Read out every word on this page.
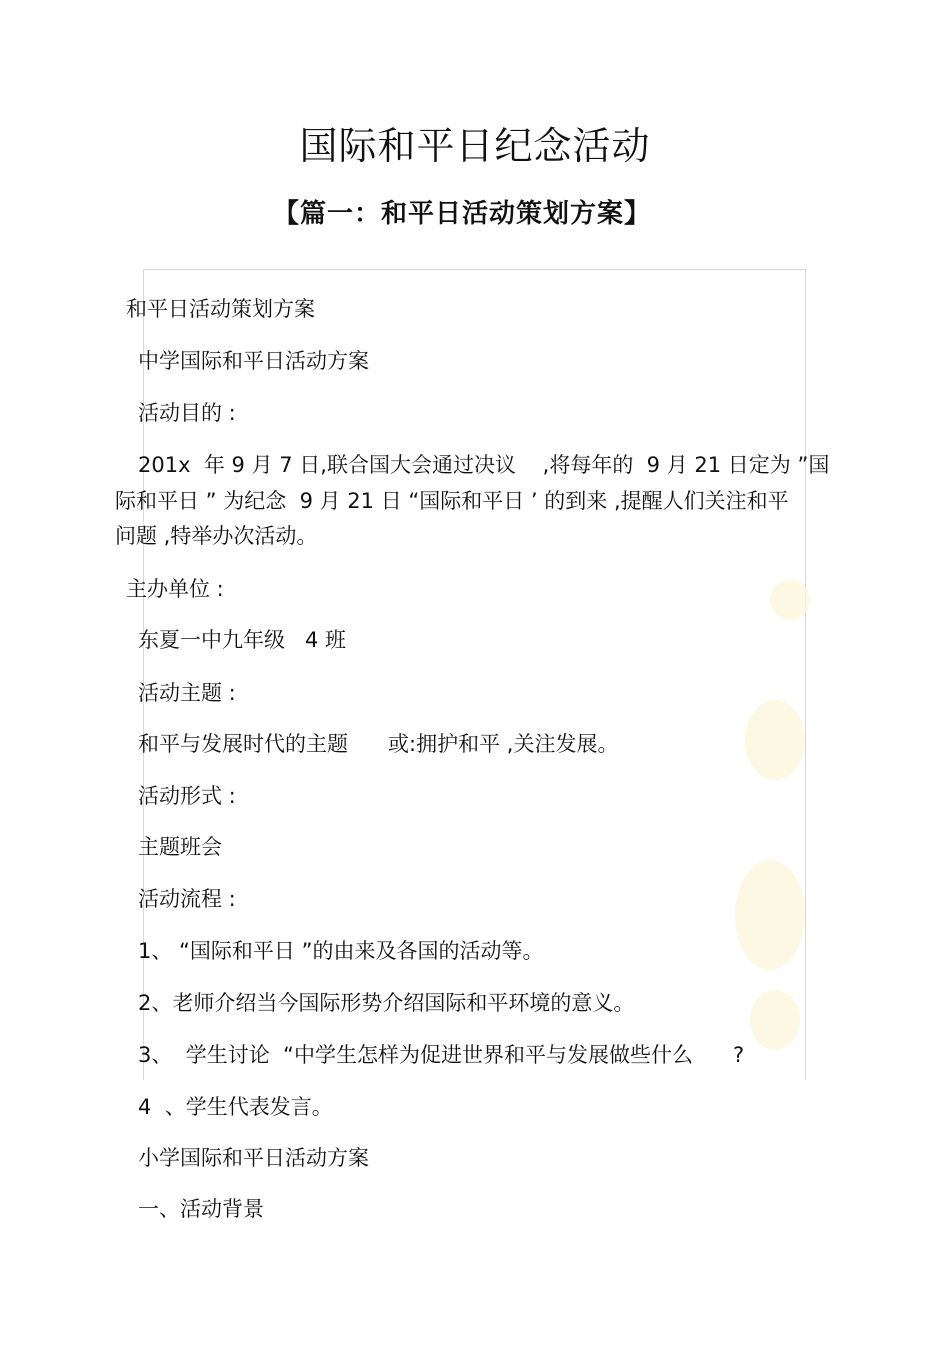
国际和平日纪念活动
【篇一：和平日活动策划方案】

和平日活动策划方案

中学国际和平日活动方案

活动目的 :

201x  年 9 月 7 日,联合国大会通过决议    ,将每年的  9 月 21 日定为 ”国

际和平日 ” 为纪念  9 月 21 日 “国际和平日 ’ 的到来 ,提醒人们关注和平

问题 ,特举办次活动。

主办单位 :

东夏一中九年级   4 班

活动主题 :

和平与发展时代的主题      或:拥护和平 ,关注发展。

活动形式 :

主题班会

活动流程 :

1、 “国际和平日 ”的由来及各国的活动等。

2、老师介绍当今国际形势介绍国际和平环境的意义。

3、  学生讨论  “中学生怎样为促进世界和平与发展做些什么      ?

4  、学生代表发言。

小学国际和平日活动方案

一、活动背景
